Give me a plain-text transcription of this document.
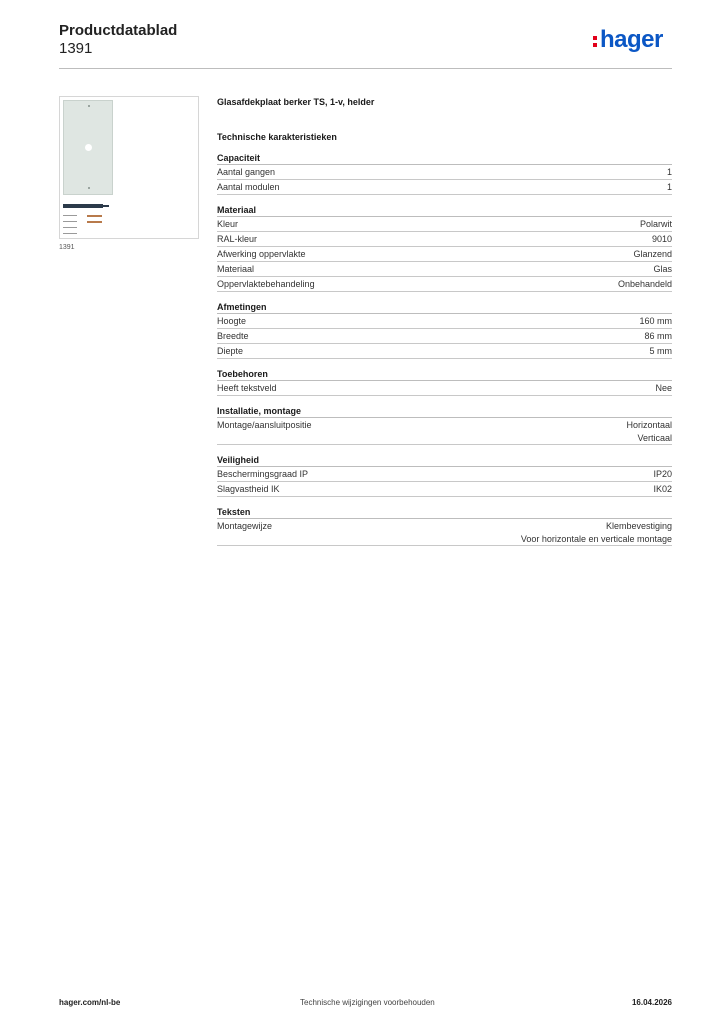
Productdatablad
1391	hager
1391
Glasafdekplaat berker TS, 1-v, helder
Technische karakteristieken
Capaciteit
Aantal gangen	1
Aantal modulen	1
Materiaal
Kleur	Polarwit
RAL-kleur	9010
Afwerking oppervlakte	Glanzend
Materiaal	Glas
Oppervlaktebehandeling	Onbehandeld
Afmetingen
Hoogte	160 mm
Breedte	86 mm
Diepte	5 mm
Toebehoren
Heeft tekstveld	Nee
Installatie, montage
Montage/aansluitpositie	Horizontaal
Verticaal
Veiligheid
Beschermingsgraad IP	IP20
Slagvastheid IK	IK02
Teksten
Montagewijze	Klembevestiging
Voor horizontale en verticale montage
hager.com/nl-be	Technische wijzigingen voorbehouden	16.04.2026
